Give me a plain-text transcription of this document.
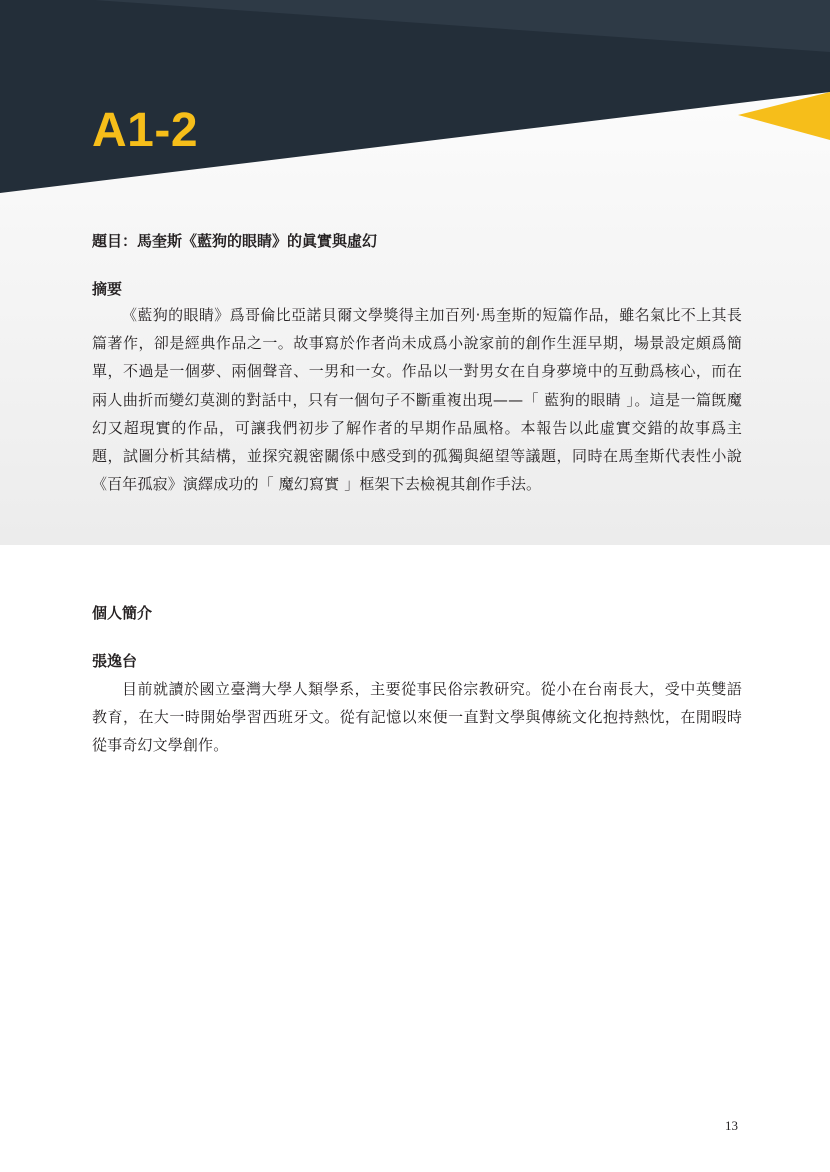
A1-2
題目：馬奎斯《藍狗的眼睛》的眞實與虛幻
摘要

《藍狗的眼睛》爲哥倫比亞諾貝爾文學獎得主加百列·馬奎斯的短篇作品，雖名氣比不上其長篇著作，卻是經典作品之一。故事寫於作者尚未成爲小說家前的創作生涯早期，場景設定頗爲簡單，不過是一個夢、兩個聲音、一男和一女。作品以一對男女在自身夢境中的互動爲核心，而在兩人曲折而變幻莫測的對話中，只有一個句子不斷重複出現——「 藍狗的眼睛 」。這是一篇旣魔幻又超現實的作品，可讓我們初步了解作者的早期作品風格。本報告以此虛實交錯的故事爲主題，試圖分析其結構，並探究親密關係中感受到的孤獨與絕望等議題，同時在馬奎斯代表性小說《百年孤寂》演繹成功的「 魔幻寫實 」框架下去檢視其創作手法。

個人簡介
張逸台

目前就讀於國立臺灣大學人類學系，主要從事民俗宗教研究。從小在台南長大，受中英雙語教育，在大一時開始學習西班牙文。從有記憶以來便一直對文學與傳統文化抱持熱忱，在閒暇時從事奇幻文學創作。

13
